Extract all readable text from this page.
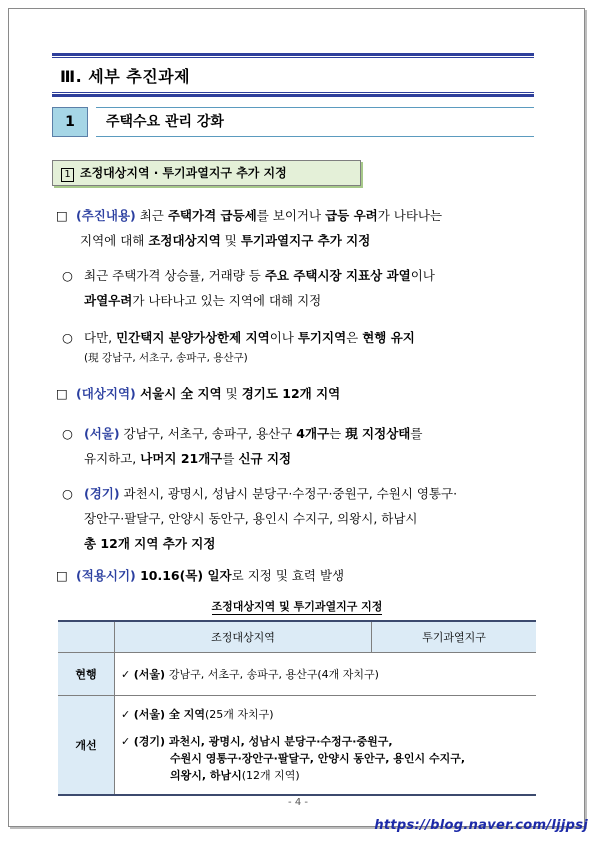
Ⅲ. 세부 추진과제
1	주택수요 관리 강화
1 조정대상지역 · 투기과열지구 추가 지정
□ (추진내용) 최근 주택가격 급등세를 보이거나 급등 우려가 나타나는
지역에 대해 조정대상지역 및 투기과열지구 추가 지정
○ 최근 주택가격 상승률, 거래량 등 주요 주택시장 지표상 과열이나
과열우려가 나타나고 있는 지역에 대해 지정
○ 다만, 민간택지 분양가상한제 지역이나 투기지역은 현행 유지
(現 강남구, 서초구, 송파구, 용산구)
□ (대상지역) 서울시 全 지역 및 경기도 12개 지역
○ (서울) 강남구, 서초구, 송파구, 용산구 4개구는 現 지정상태를
유지하고, 나머지 21개구를 신규 지정
○ (경기) 과천시, 광명시, 성남시 분당구·수정구·중원구, 수원시 영통구·
장안구·팔달구, 안양시 동안구, 용인시 수지구, 의왕시, 하남시
총 12개 지역 추가 지정
□ (적용시기) 10.16(목) 일자로 지정 및 효력 발생
조정대상지역 및 투기과열지구 지정
	조정대상지역	투기과열지구
현행	✓ (서울) 강남구, 서초구, 송파구, 용산구(4개 자치구)	

개선	✓ (서울) 全 지역(25개 자치구)
✓ (경기) 과천시, 광명시, 성남시 분당구·수정구·중원구,
수원시 영통구·장안구·팔달구, 안양시 동안구, 용인시 수지구,
의왕시, 하남시(12개 지역)	
- 4 -
https://blog.naver.com/ljjpsj
